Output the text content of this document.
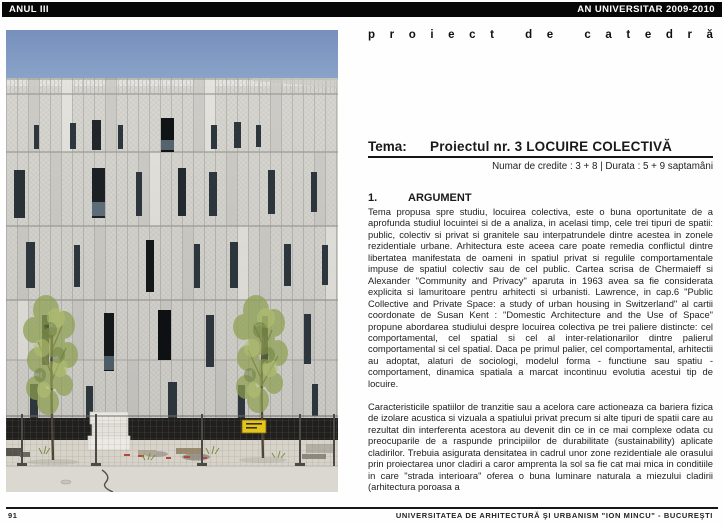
ANUL III	AN UNIVERSITAR 2009-2010
p r o i e c t	d e	c a t e d r ă
Tema:	Proiectul nr. 3 LOCUIRE COLECTIVĂ
Numar de credite : 3 + 8 | Durata : 5 + 9 saptamâni
1.	ARGUMENT

Tema propusa spre studiu, locuirea colectiva, este o buna oportunitate de a aprofunda studiul locuintei si de a analiza, in acelasi timp, cele trei tipuri de spatii: public, colectiv si privat si granitele sau interpatrundele dintre acestea in zonele rezidentiale urbane. Arhitectura este aceea care poate remedia conflictul dintre libertatea manifestata de oameni in spatiul privat si regulile comportamentale impuse de spatiul colectiv sau de cel public. Cartea scrisa de Chermaieff si Alexander "Community and Privacy" aparuta in 1963 avea sa fie considerata explicita si lamuritoare pentru arhitecti si urbanisti. Lawrence, in cap.6 "Public Collective and Private Space: a study of urban housing in Switzerland" al cartii coordonate de Susan Kent : "Domestic Architecture and the Use of Space" propune abordarea studiului despre locuirea colectiva pe trei paliere distincte: cel comportamental, cel spatial si cel al inter-relationarilor dintre palierul comportamental si cel spatial. Daca pe primul palier, cel comportamental, arhitectii au adoptat, alaturi de sociologi, modelul forma - functiune sau spatiu - comportament, dinamica spatiala a marcat incontinuu evolutia acestui tip de locuire.

Caracteristicile spatiilor de tranzitie sau a acelora care actioneaza ca bariera fizica de izolare acustica si vizuala a spatiului privat precum si alte tipuri de spatii care au rezultat din interferenta acestora au devenit din ce in ce mai complexe odata cu preocuparile de a raspunde principiilor de durabilitate (sustainability) aplicate cladirilor. Trebuia asigurata densitatea in cadrul unor zone rezidentiale ale orasului prin proiectarea unor cladiri a caror amprenta la sol sa fie cat mai mica in conditiile in care "strada interioara" oferea o buna luminare naturala a miezului cladirii (arhitectura poroasa a

91	UNIVERSITATEA DE ARHITECTURĂ ŞI URBANISM "ION MINCU" - BUCUREŞTI
